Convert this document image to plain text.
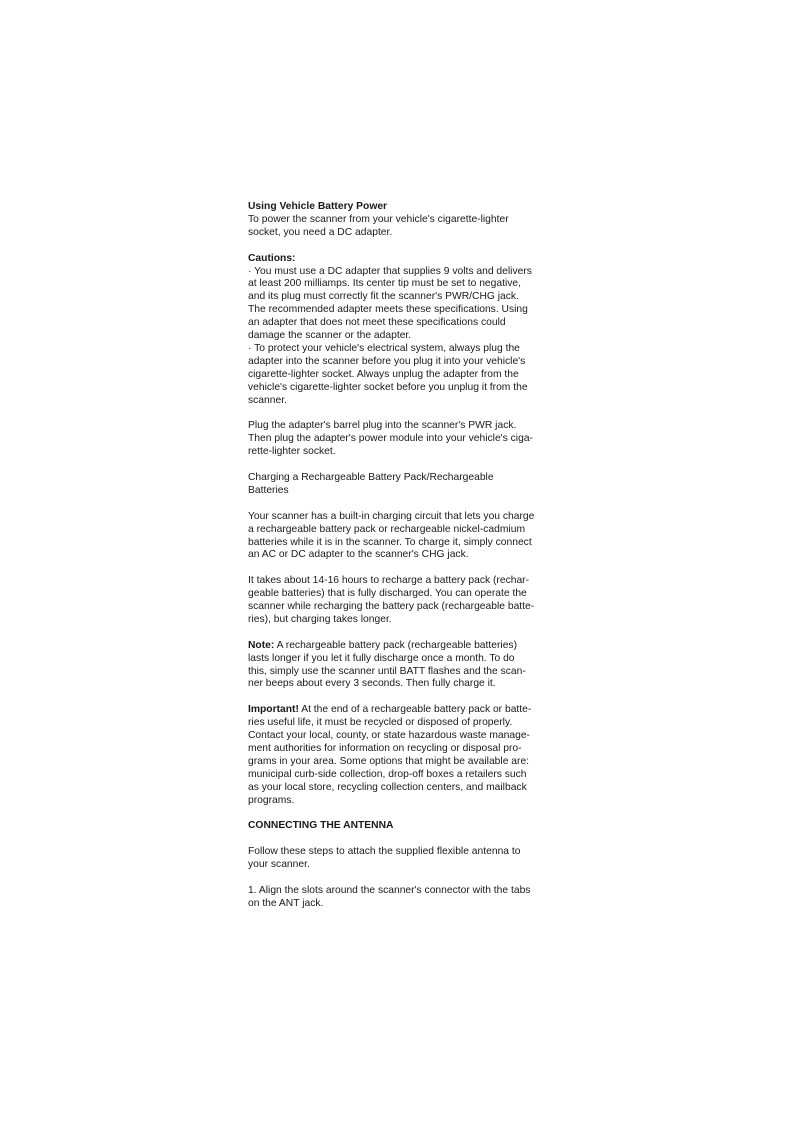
Using Vehicle Battery Power
To power the scanner from your vehicle's cigarette-lighter
socket, you need a DC adapter.
Cautions:
· You must use a DC adapter that supplies 9 volts and delivers
at least 200 milliamps. Its center tip must be set to negative,
and its plug must correctly fit the scanner's PWR/CHG jack.
The recommended adapter meets these specifications. Using
an adapter that does not meet these specifications could
damage the scanner or the adapter.
· To protect your vehicle's electrical system, always plug the
adapter into the scanner before you plug it into your vehicle's
cigarette-lighter socket. Always unplug the adapter from the
vehicle's cigarette-lighter socket before you unplug it from the
scanner.
Plug the adapter's barrel plug into the scanner's PWR jack.
Then plug the adapter's power module into your vehicle's ciga-
rette-lighter socket.
Charging a Rechargeable Battery Pack/Rechargeable
Batteries
Your scanner has a built-in charging circuit that lets you charge
a rechargeable battery pack or rechargeable nickel-cadmium
batteries while it is in the scanner. To charge it, simply connect
an AC or DC adapter to the scanner's CHG jack.
It takes about 14-16 hours to recharge a battery pack (rechar-
geable batteries) that is fully discharged. You can operate the
scanner while recharging the battery pack (rechargeable batte-
ries), but charging takes longer.
Note: A rechargeable battery pack (rechargeable batteries)
lasts longer if you let it fully discharge once a month. To do
this, simply use the scanner until BATT flashes and the scan-
ner beeps about every 3 seconds. Then fully charge it.
Important! At the end of a rechargeable battery pack or batte-
ries useful life, it must be recycled or disposed of properly.
Contact your local, county, or state hazardous waste manage-
ment authorities for information on recycling or disposal pro-
grams in your area. Some options that might be available are:
municipal curb-side collection, drop-off boxes a retailers such
as your local store, recycling collection centers, and mailback
programs.
CONNECTING THE ANTENNA
Follow these steps to attach the supplied flexible antenna to
your scanner.
1. Align the slots around the scanner's connector with the tabs
on the ANT jack.
